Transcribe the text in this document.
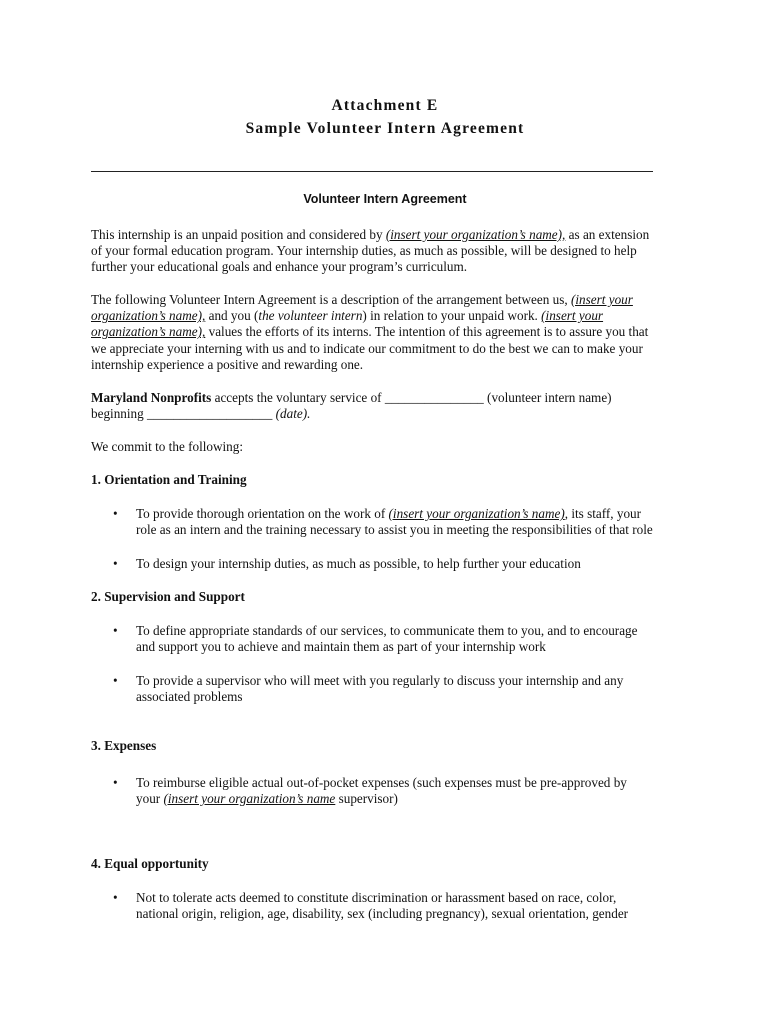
Attachment E
Sample Volunteer Intern Agreement
Volunteer Intern Agreement
This internship is an unpaid position and considered by (insert your organization’s name), as an extension
of your formal education program. Your internship duties, as much as possible, will be designed to help
further your educational goals and enhance your program’s curriculum.
The following Volunteer Intern Agreement is a description of the arrangement between us, (insert your
organization’s name), and you (the volunteer intern) in relation to your unpaid work. (insert your
organization’s name), values the efforts of its interns. The intention of this agreement is to assure you that
we appreciate your interning with us and to indicate our commitment to do the best we can to make your
internship experience a positive and rewarding one.
Maryland Nonprofits accepts the voluntary service of _______________ (volunteer intern name)
beginning ___________________ (date).
We commit to the following:
1. Orientation and Training
•	To provide thorough orientation on the work of (insert your organization’s name), its staff, your
role as an intern and the training necessary to assist you in meeting the responsibilities of that role
•	To design your internship duties, as much as possible, to help further your education
2. Supervision and Support
•	To define appropriate standards of our services, to communicate them to you, and to encourage
and support you to achieve and maintain them as part of your internship work
•	To provide a supervisor who will meet with you regularly to discuss your internship and any
associated problems
3. Expenses
•	To reimburse eligible actual out-of-pocket expenses (such expenses must be pre-approved by
your (insert your organization’s name supervisor)
4. Equal opportunity
•	Not to tolerate acts deemed to constitute discrimination or harassment based on race, color,
national origin, religion, age, disability, sex (including pregnancy), sexual orientation, gender
